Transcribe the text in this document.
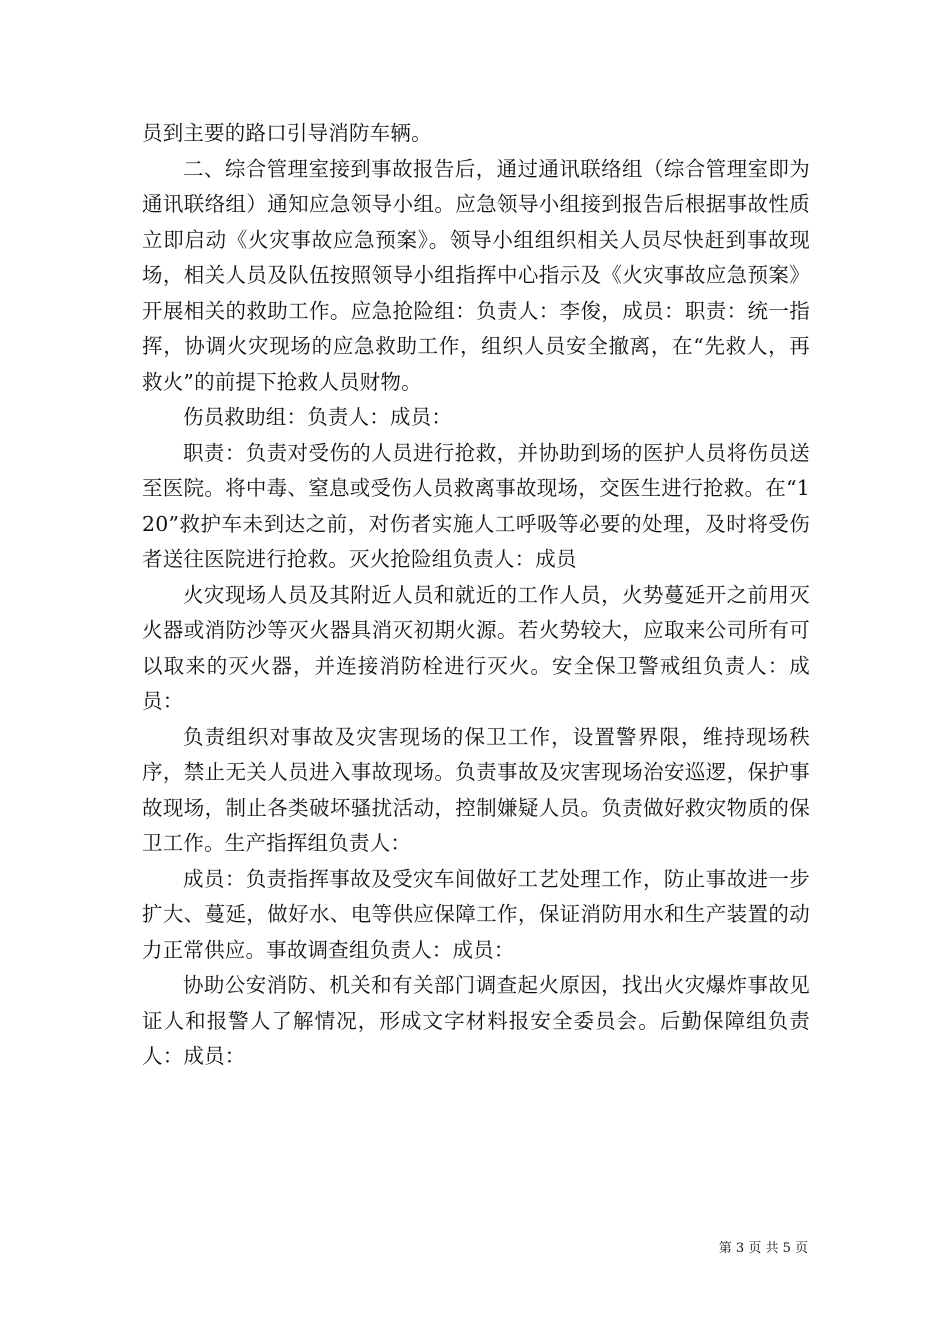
员到主要的路口引导消防车辆。

二、综合管理室接到事故报告后，通过通讯联络组（综合管理室即为通讯联络组）通知应急领导小组。应急领导小组接到报告后根据事故性质立即启动《火灾事故应急预案》。领导小组组织相关人员尽快赶到事故现场，相关人员及队伍按照领导小组指挥中心指示及《火灾事故应急预案》开展相关的救助工作。应急抢险组：负责人：李俊，成员：职责：统一指挥，协调火灾现场的应急救助工作，组织人员安全撤离，在“先救人，再救火”的前提下抢救人员财物。

伤员救助组：负责人：成员：

职责：负责对受伤的人员进行抢救，并协助到场的医护人员将伤员送至医院。将中毒、窒息或受伤人员救离事故现场，交医生进行抢救。在“120”救护车未到达之前，对伤者实施人工呼吸等必要的处理，及时将受伤者送往医院进行抢救。灭火抢险组负责人：成员

火灾现场人员及其附近人员和就近的工作人员，火势蔓延开之前用灭火器或消防沙等灭火器具消灭初期火源。若火势较大，应取来公司所有可以取来的灭火器，并连接消防栓进行灭火。安全保卫警戒组负责人：成员：

负责组织对事故及灾害现场的保卫工作，设置警界限，维持现场秩序，禁止无关人员进入事故现场。负责事故及灾害现场治安巡逻，保护事故现场，制止各类破坏骚扰活动，控制嫌疑人员。负责做好救灾物质的保卫工作。生产指挥组负责人：

成员：负责指挥事故及受灾车间做好工艺处理工作，防止事故进一步扩大、蔓延，做好水、电等供应保障工作，保证消防用水和生产装置的动力正常供应。事故调查组负责人：成员：

协助公安消防、机关和有关部门调查起火原因，找出火灾爆炸事故见证人和报警人了解情况，形成文字材料报安全委员会。后勤保障组负责人：成员：

第 3 页 共 5 页
